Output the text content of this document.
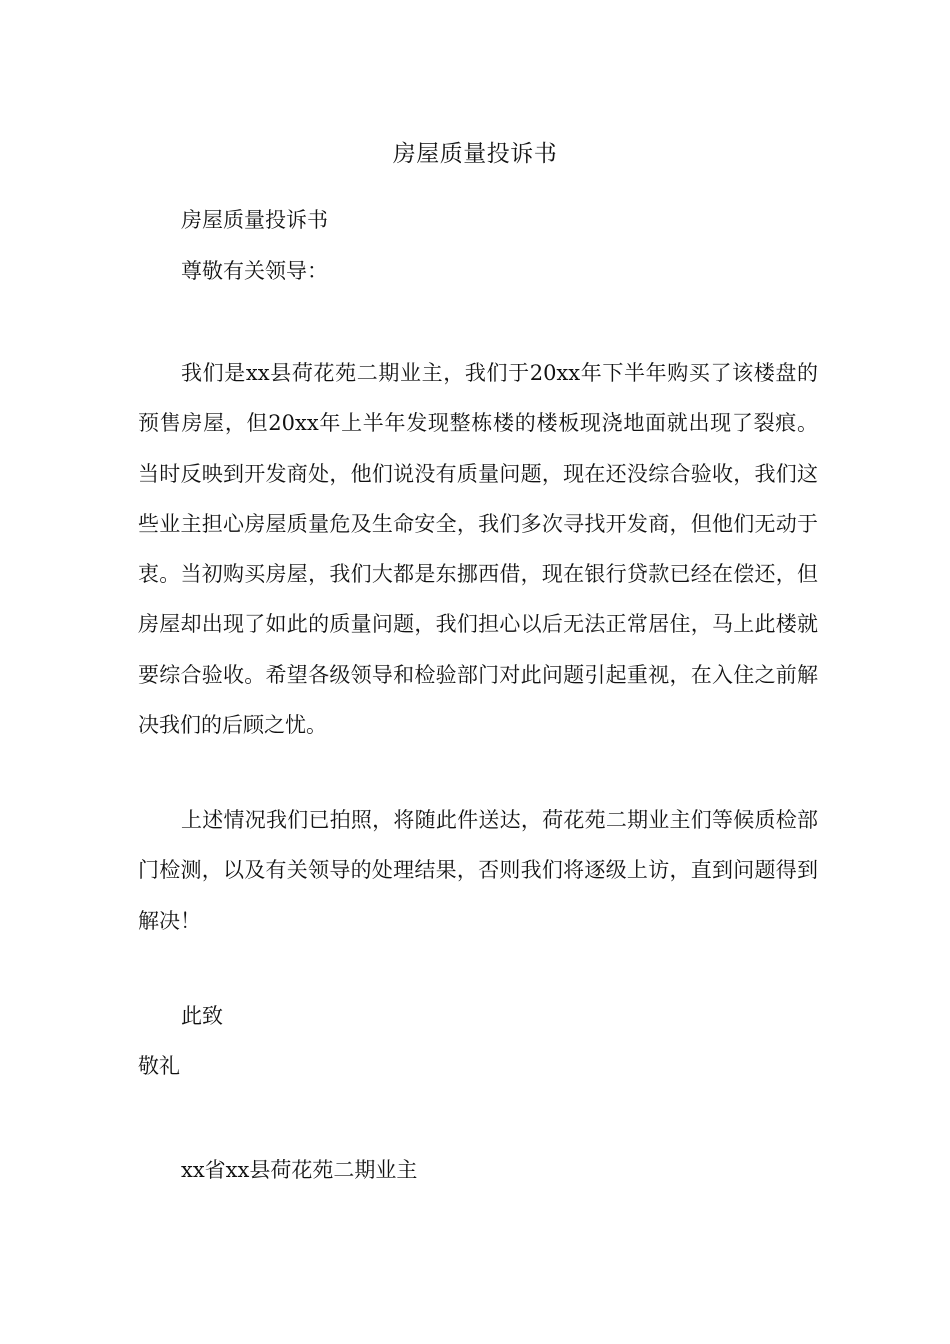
房屋质量投诉书
房屋质量投诉书
尊敬有关领导：
我们是xx县荷花苑二期业主，我们于20xx年下半年购买了该楼盘的预售房屋，但20xx年上半年发现整栋楼的楼板现浇地面就出现了裂痕。当时反映到开发商处，他们说没有质量问题，现在还没综合验收，我们这些业主担心房屋质量危及生命安全，我们多次寻找开发商，但他们无动于衷。当初购买房屋，我们大都是东挪西借，现在银行贷款已经在偿还，但房屋却出现了如此的质量问题，我们担心以后无法正常居住，马上此楼就要综合验收。希望各级领导和检验部门对此问题引起重视，在入住之前解决我们的后顾之忧。
上述情况我们已拍照，将随此件送达，荷花苑二期业主们等候质检部门检测，以及有关领导的处理结果，否则我们将逐级上访，直到问题得到解决！
此致
敬礼
xx省xx县荷花苑二期业主
